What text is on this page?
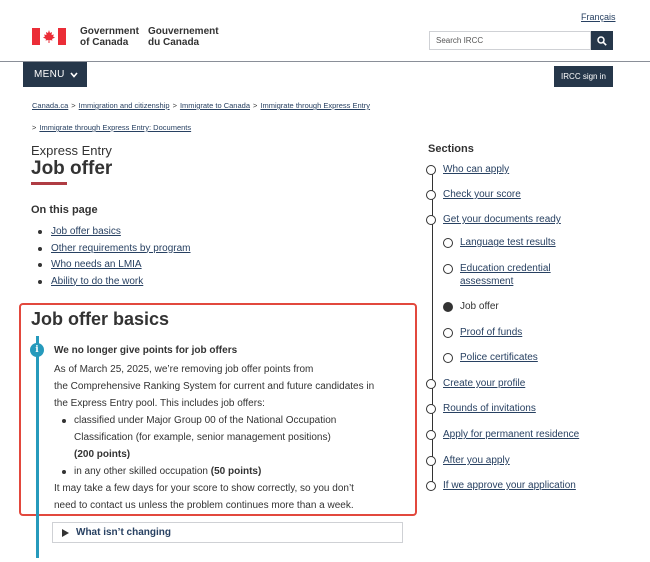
Français
Government
of Canada
Gouvernement
du Canada	Search IRCC
MENU	IRCC sign in
Canada.ca > Immigration and citizenship > Immigrate to Canada > Immigrate through Express Entry
> Immigrate through Express Entry: Documents
Express Entry
Job offer
On this page
Job offer basics
Other requirements by program
Who needs an LMIA
Ability to do the work
Job offer basics
i	We no longer give points for job offers
As of March 25, 2025, we’re removing job offer points from
the Comprehensive Ranking System for current and future candidates in
the Express Entry pool. This includes job offers:
classified under Major Group 00 of the National Occupation
Classification (for example, senior management positions)
(200 points)
in any other skilled occupation (50 points)
It may take a few days for your score to show correctly, so you don’t
need to contact us unless the problem continues more than a week.
What isn’t changing
Sections
Who can apply
Check your score
Get your documents ready
Language test results
Education credential
assessment
Job offer
Proof of funds
Police certificates
Create your profile
Rounds of invitations
Apply for permanent residence
After you apply
If we approve your application
